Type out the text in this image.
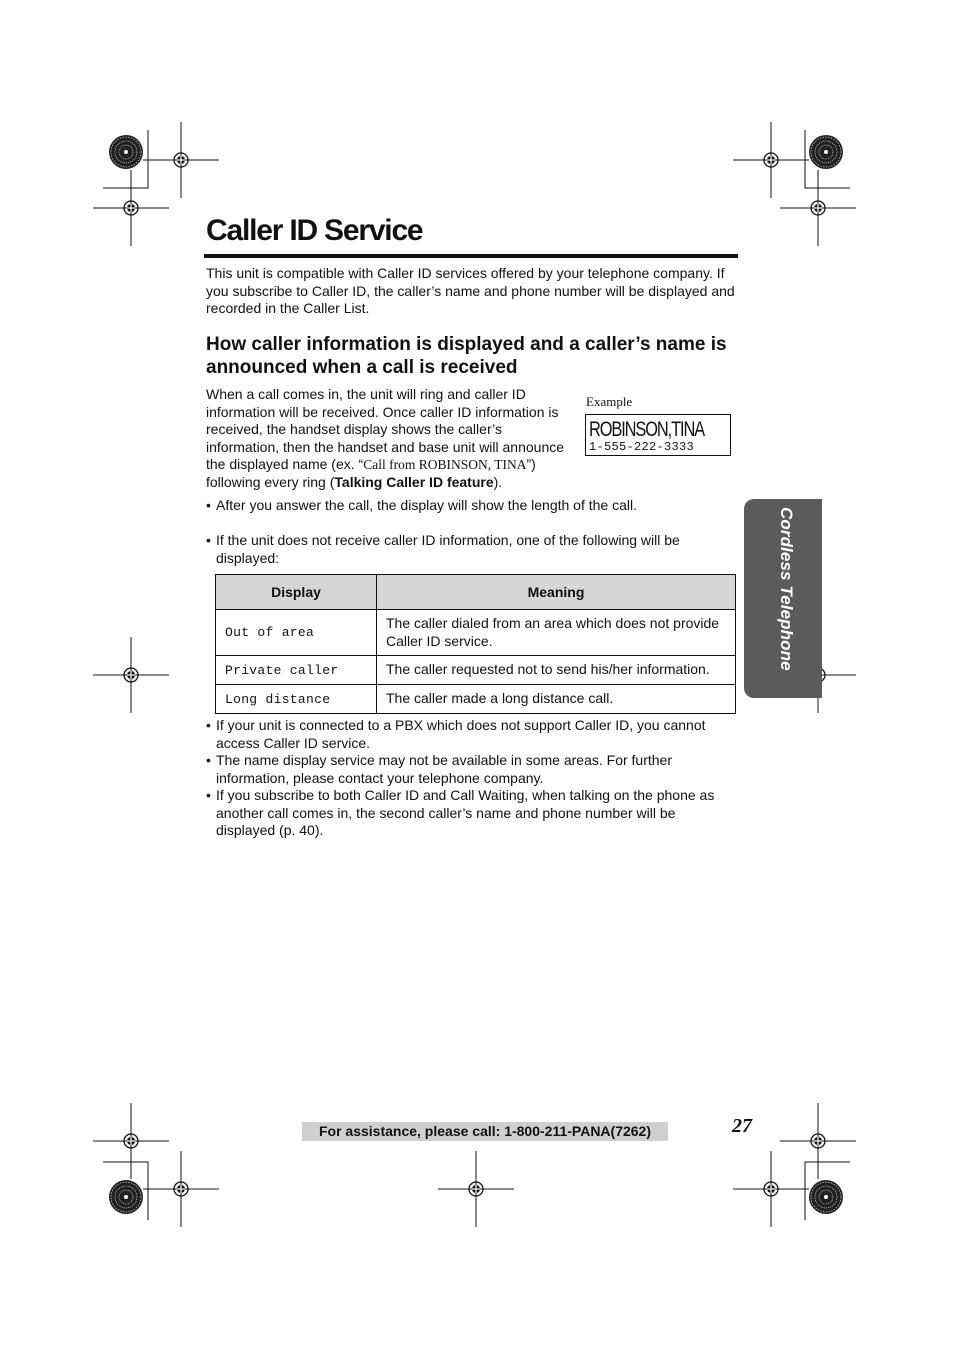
Caller ID Service

This unit is compatible with Caller ID services offered by your telephone company. If you subscribe to Caller ID, the caller’s name and phone number will be displayed and recorded in the Caller List.

How caller information is displayed and a caller’s name is announced when a call is received

When a call comes in, the unit will ring and caller ID information will be received. Once caller ID information is received, the handset display shows the caller’s information, then the handset and base unit will announce the displayed name (ex. “Call from ROBINSON, TINA”) following every ring (Talking Caller ID feature).

Example
ROBINSON,TINA
1-555-222-3333
• After you answer the call, the display will show the length of the call.
• If the unit does not receive caller ID information, one of the following will be displayed:
Display	Meaning
Out of area	The caller dialed from an area which does not provide Caller ID service.
Private caller	The caller requested not to send his/her information.
Long distance	The caller made a long distance call.
• If your unit is connected to a PBX which does not support Caller ID, you cannot access Caller ID service.
• The name display service may not be available in some areas. For further information, please contact your telephone company.
• If you subscribe to both Caller ID and Call Waiting, when talking on the phone as another call comes in, the second caller’s name and phone number will be displayed (p. 40).
Cordless Telephone
For assistance, please call: 1-800-211-PANA(7262)	27
